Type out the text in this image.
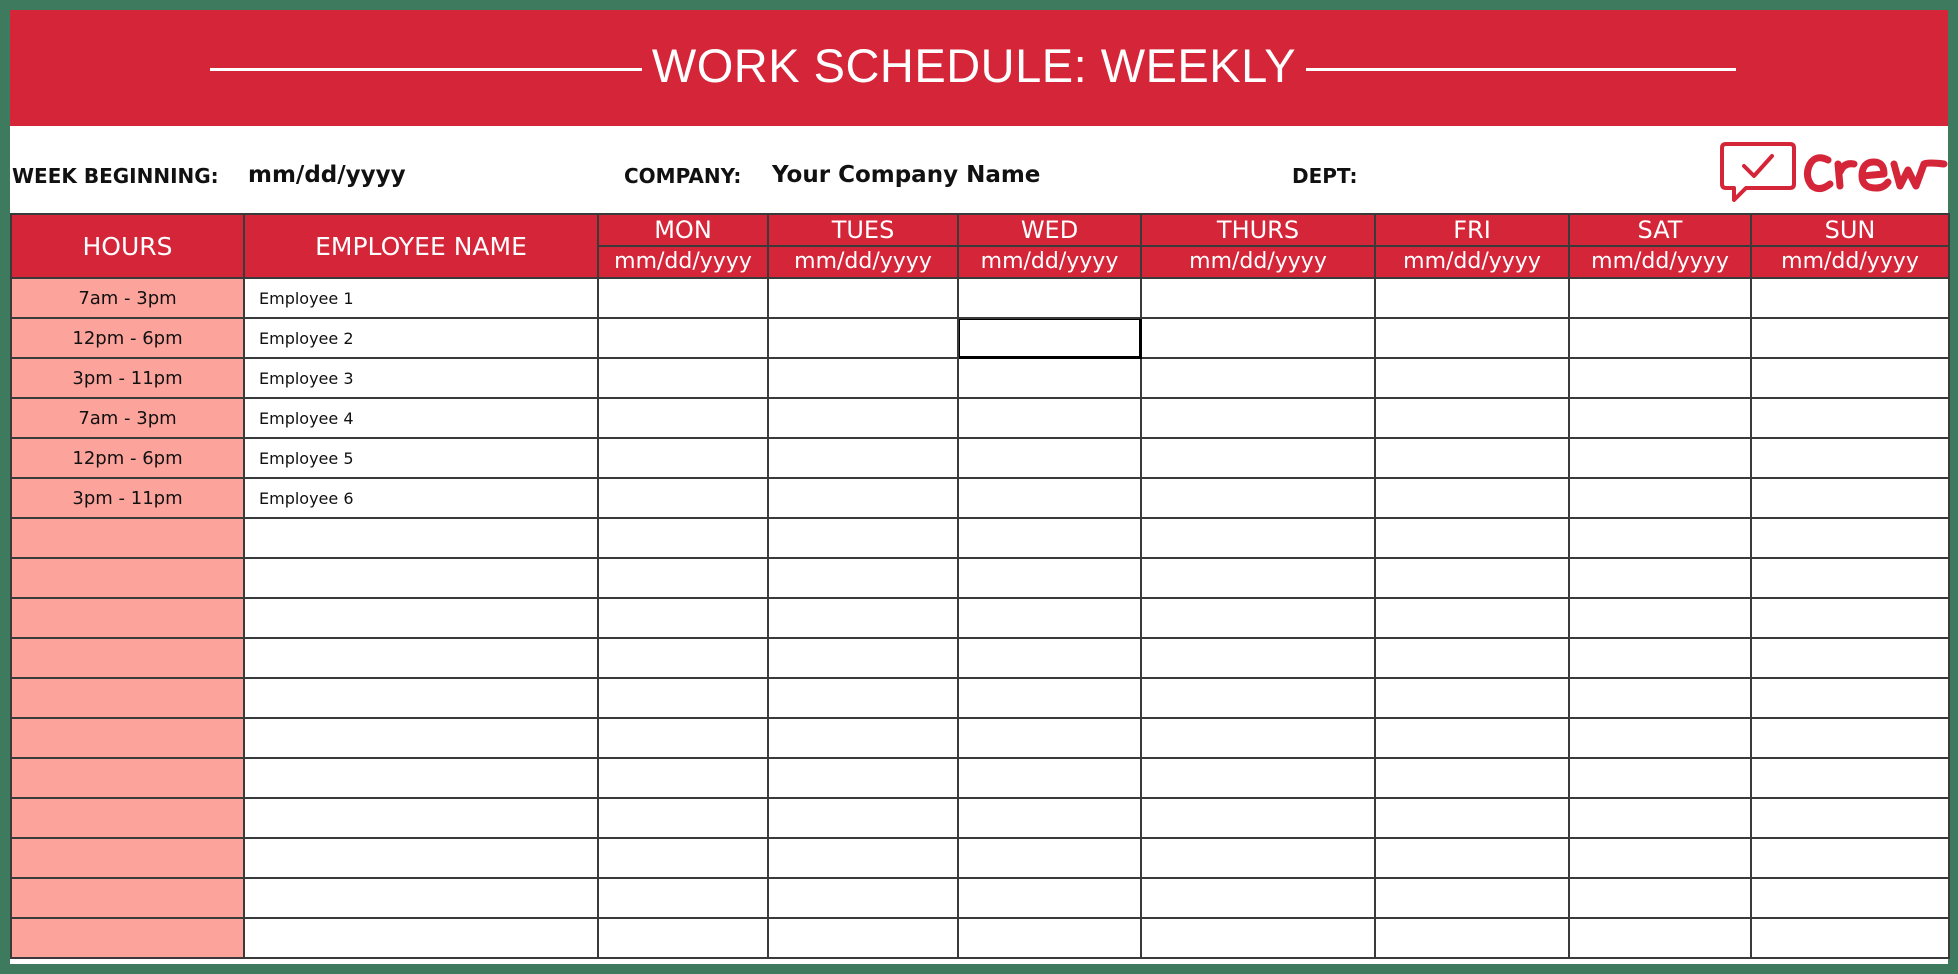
WORK SCHEDULE: WEEKLY
WEEK BEGINNING: mm/dd/yyyy	COMPANY: Your Company Name	DEPT:
HOURS	EMPLOYEE NAME	MON	TUES	WED	THURS	FRI	SAT	SUN
		mm/dd/yyyy	mm/dd/yyyy	mm/dd/yyyy	mm/dd/yyyy	mm/dd/yyyy	mm/dd/yyyy	mm/dd/yyyy
7am - 3pm	Employee 1							
12pm - 6pm	Employee 2							
3pm - 11pm	Employee 3							
7am - 3pm	Employee 4							
12pm - 6pm	Employee 5							
3pm - 11pm	Employee 6							
